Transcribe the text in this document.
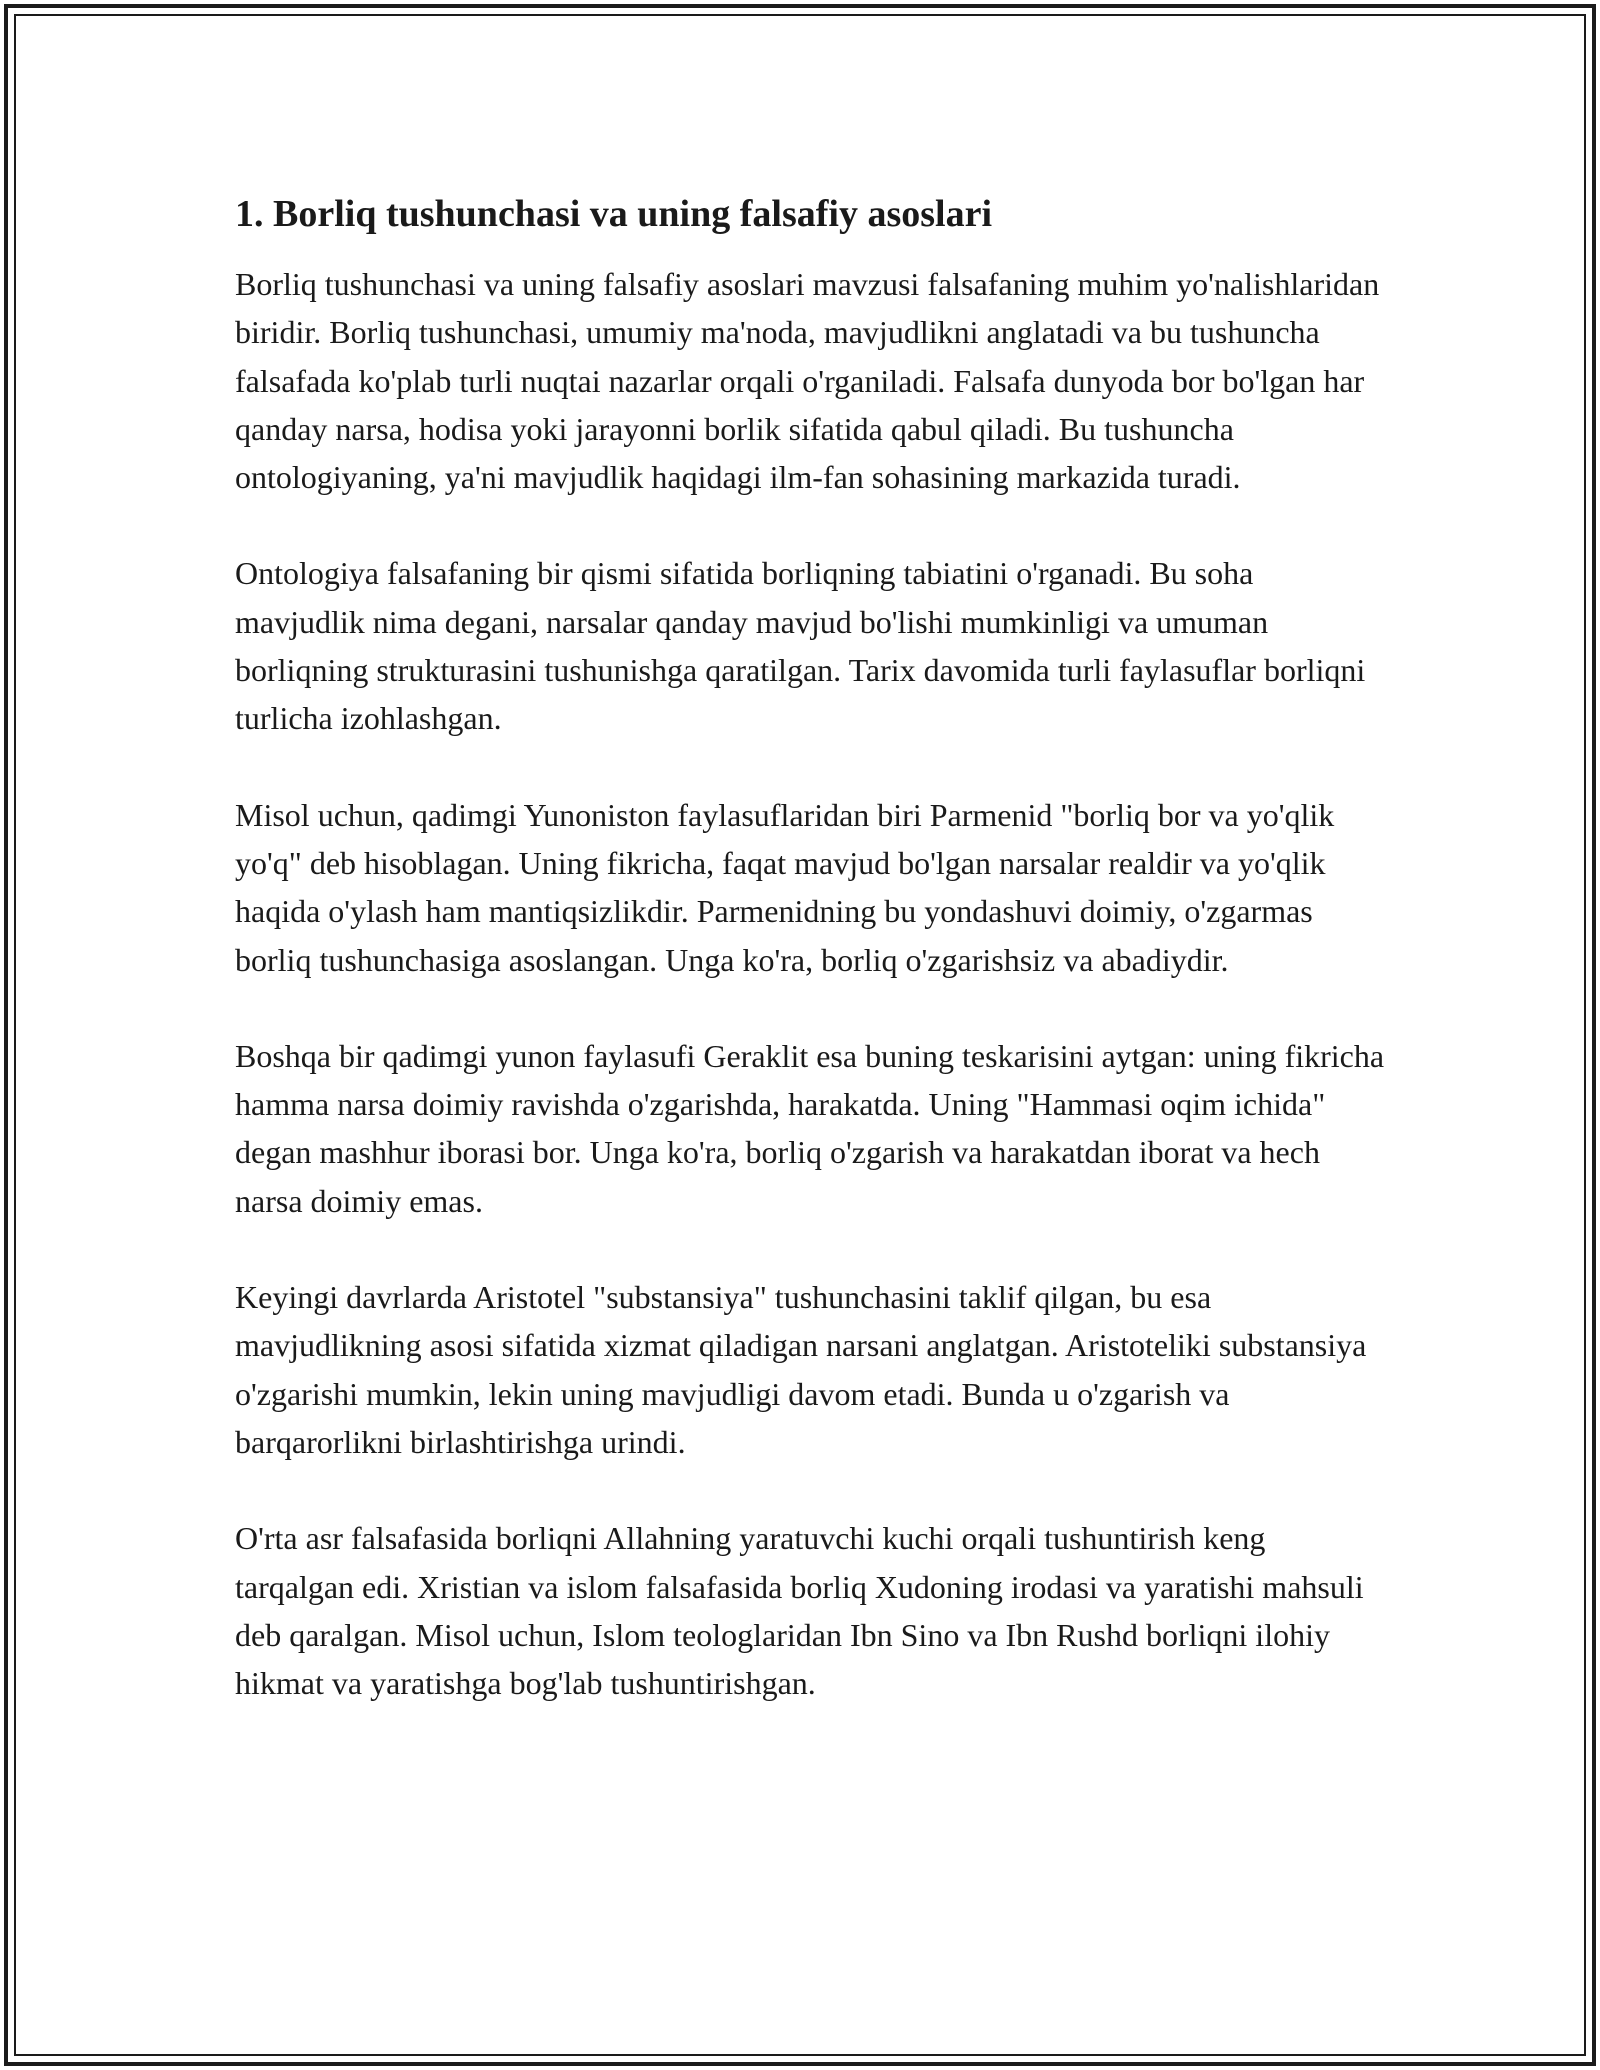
1. Borliq tushunchasi va uning falsafiy asoslari

Borliq tushunchasi va uning falsafiy asoslari mavzusi falsafaning muhim yo'nalishlaridan biridir. Borliq tushunchasi, umumiy ma'noda, mavjudlikni anglatadi va bu tushuncha falsafada ko'plab turli nuqtai nazarlar orqali o'rganiladi. Falsafa dunyoda bor bo'lgan har qanday narsa, hodisa yoki jarayonni borlik sifatida qabul qiladi. Bu tushuncha ontologiyaning, ya'ni mavjudlik haqidagi ilm-fan sohasining markazida turadi.

Ontologiya falsafaning bir qismi sifatida borliqning tabiatini o'rganadi. Bu soha mavjudlik nima degani, narsalar qanday mavjud bo'lishi mumkinligi va umuman borliqning strukturasini tushunishga qaratilgan. Tarix davomida turli faylasuflar borliqni turlicha izohlashgan.

Misol uchun, qadimgi Yunoniston faylasuflaridan biri Parmenid "borliq bor va yo'qlik yo'q" deb hisoblagan. Uning fikricha, faqat mavjud bo'lgan narsalar realdir va yo'qlik haqida o'ylash ham mantiqsizlikdir. Parmenidning bu yondashuvi doimiy, o'zgarmas borliq tushunchasiga asoslangan. Unga ko'ra, borliq o'zgarishsiz va abadiydir.

Boshqa bir qadimgi yunon faylasufi Geraklit esa buning teskarisini aytgan: uning fikricha hamma narsa doimiy ravishda o'zgarishda, harakatda. Uning "Hammasi oqim ichida" degan mashhur iborasi bor. Unga ko'ra, borliq o'zgarish va harakatdan iborat va hech narsa doimiy emas.

Keyingi davrlarda Aristotel "substansiya" tushunchasini taklif qilgan, bu esa mavjudlikning asosi sifatida xizmat qiladigan narsani anglatgan. Aristoteliki substansiya o'zgarishi mumkin, lekin uning mavjudligi davom etadi. Bunda u o'zgarish va barqarorlikni birlashtirishga urindi.

O'rta asr falsafasida borliqni Allahning yaratuvchi kuchi orqali tushuntirish keng tarqalgan edi. Xristian va islom falsafasida borliq Xudoning irodasi va yaratishi mahsuli deb qaralgan. Misol uchun, Islom teologlaridan Ibn Sino va Ibn Rushd borliqni ilohiy hikmat va yaratishga bog'lab tushuntirishgan.
